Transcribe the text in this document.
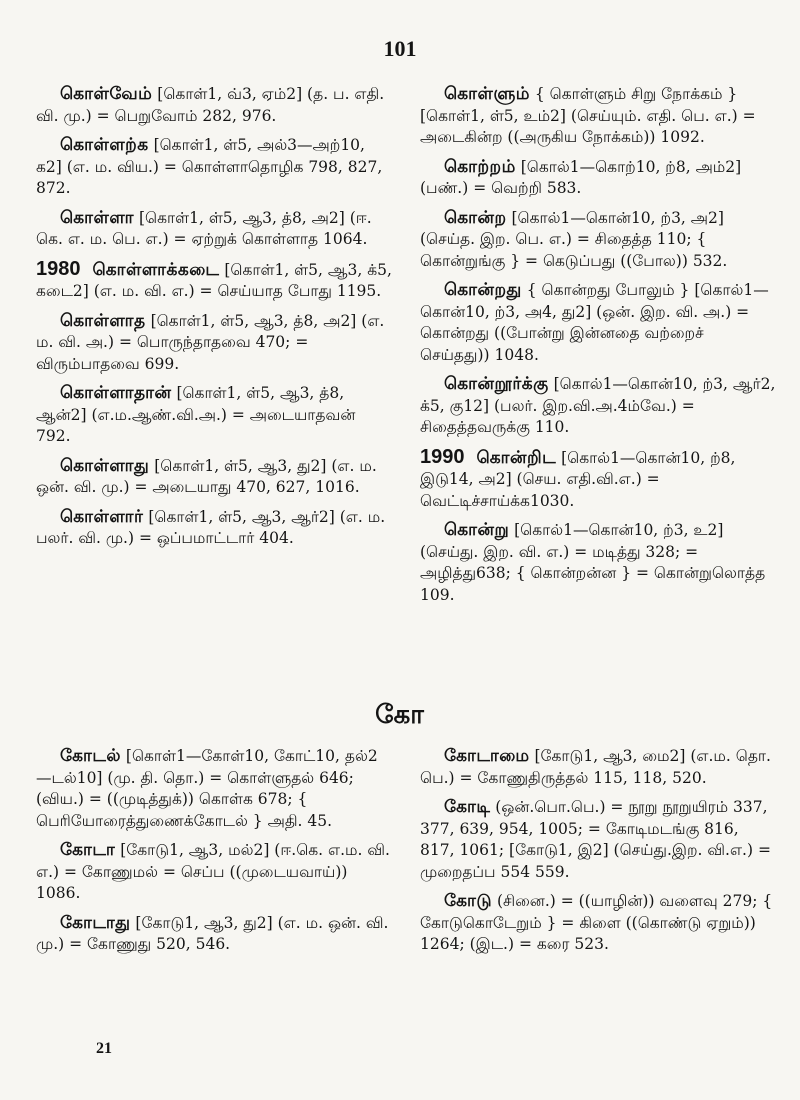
101
கொள்வேம் [கொள்1, வ்3, ஏம்2] (த. ப. எதி. வி. மு.) = பெறுவோம் 282, 976.
கொள்ளற்க [கொள்1, ள்5, அல்3—அற்10, க2] (எ. ம. விய.) = கொள்ளாதொழிக 798, 827, 872.
கொள்ளா [கொள்1, ள்5, ஆ3, த்8, அ2] (ஈ. கெ. எ. ம. பெ. எ.) = ஏற்றுக் கொள்ளாத 1064.
1980 கொள்ளாக்கடை [கொள்1, ள்5, ஆ3, க்5, கடை2] (எ. ம. வி. எ.) = செய்யாத போது 1195.
கொள்ளாத [கொள்1, ள்5, ஆ3, த்8, அ2] (எ. ம. வி. அ.) = பொருந்தாதவை 470; = விரும்பாதவை 699.
கொள்ளாதான் [கொள்1, ள்5, ஆ3, த்8, ஆன்2] (எ.ம.ஆண்.வி.அ.) = அடையாதவன் 792.
கொள்ளாது [கொள்1, ள்5, ஆ3, து2] (எ. ம. ஒன். வி. மு.) = அடையாது 470, 627, 1016.
கொள்ளார் [கொள்1, ள்5, ஆ3, ஆர்2] (எ. ம. பலர். வி. மு.) = ஒப்பமாட்டார் 404.
கொள்ளும் { கொள்ளும் சிறு நோக்கம் } [கொள்1, ள்5, உம்2] (செய்யும். எதி. பெ. எ.) = அடைகின்ற ((அருகிய நோக்கம்)) 1092.
கொற்றம் [கொல்1—கொற்10, ற்8, அம்2] (பண்.) = வெற்றி 583.
கொன்ற [கொல்1—கொன்10, ற்3, அ2] (செய்த. இற. பெ. எ.) = சிதைத்த 110; { கொன்றுங்கு } = கெடுப்பது ((போல)) 532.
கொன்றது { கொன்றது போலும் } [கொல்1—கொன்10, ற்3, அ4, து2] (ஒன். இற. வி. அ.) = கொன்றது ((போன்று இன்னதை வற்றைச் செய்தது)) 1048.
கொன்றூர்க்கு [கொல்1—கொன்10, ற்3, ஆர்2, க்5, கு12] (பலர். இற.வி.அ.4ம்வே.) = சிதைத்தவருக்கு 110.
1990 கொன்றிட [கொல்1—கொன்10, ற்8, இடு14, அ2] (செய. எதி.வி.எ.) = வெட்டிச்சாய்க்க1030.
கொன்று [கொல்1—கொன்10, ற்3, உ2] (செய்து. இற. வி. எ.) = மடித்து 328; = அழித்து638; { கொன்றன்ன } = கொன்றுலொத்த 109.
கோ
கோடல் [கொள்1—கோள்10, கோட்10, தல்2—டல்10] (மு. தி. தொ.) = கொள்ளுதல் 646; (விய.) = ((முடித்துக்)) கொள்க 678; { பெரியோரைத்துணைக்கோடல் } அதி. 45.
கோடா [கோடு1, ஆ3, மல்2] (ஈ.கெ. எ.ம. வி. எ.) = கோணுமல் = செப்ப ((முடையவாய்)) 1086.
கோடாது [கோடு1, ஆ3, து2] (எ. ம. ஒன். வி. மு.) = கோணுது 520, 546.
கோடாமை [கோடு1, ஆ3, மை2] (எ.ம. தொ. பெ.) = கோணுதிருத்தல் 115, 118, 520.
கோடி (ஒன்.பொ.பெ.) = நூறு நூறுயிரம் 337, 377, 639, 954, 1005; = கோடிமடங்கு 816, 817, 1061; [கோடு1, இ2] (செய்து.இற. வி.எ.) = முறைதப்ப 554 559.
கோடு (சினை.) = ((யாழின்)) வளைவு 279; { கோடுகொடேறும் } = கிளை ((கொண்டு ஏறும்)) 1264; (இட.) = கரை 523.
21
